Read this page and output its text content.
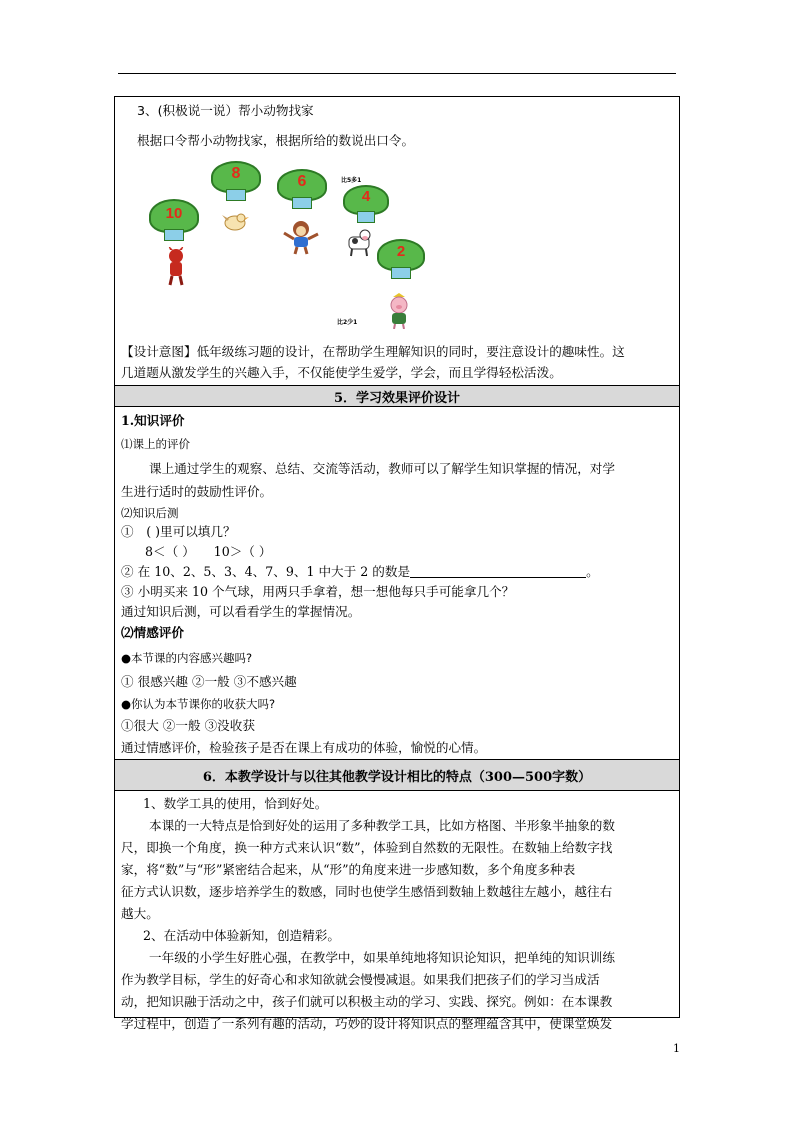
3、(积极说一说）帮小动物找家
根据口令帮小动物找家，根据所给的数说出口令。
8	6
4
10
2
比5多1
比2少1
【设计意图】低年级练习题的设计，在帮助学生理解知识的同时，要注意设计的趣味性。这
几道题从激发学生的兴趣入手，不仅能使学生爱学，学会，而且学得轻松活泼。
5．学习效果评价设计
1.知识评价
⑴课上的评价
课上通过学生的观察、总结、交流等活动，教师可以了解学生知识掌握的情况，对学
生进行适时的鼓励性评价。
⑵知识后测
①　( )里可以填几？
8＜（ ）　　10＞（ ）
② 在 10、2、5、3、4、7、9、1 中大于 2 的数是	。
③ 小明买来 10 个气球，用两只手拿着，想一想他每只手可能拿几个？
通过知识后测，可以看看学生的掌握情况。
⑵情感评价
●本节课的内容感兴趣吗?
① 很感兴趣 ②一般 ③不感兴趣
●你认为本节课你的收获大吗?
①很大 ②一般 ③没收获
通过情感评价，检验孩子是否在课上有成功的体验，愉悦的心情。
6．本教学设计与以往其他教学设计相比的特点（300—500字数）
1、数学工具的使用，恰到好处。
本课的一大特点是恰到好处的运用了多种教学工具，比如方格图、半形象半抽象的数
尺，即换一个角度，换一种方式来认识“数”，体验到自然数的无限性。在数轴上给数字找
家，将“数”与“形”紧密结合起来，从“形”的角度来进一步感知数，多个角度多种表
征方式认识数，逐步培养学生的数感，同时也使学生感悟到数轴上数越往左越小，越往右
越大。
2、在活动中体验新知，创造精彩。
一年级的小学生好胜心强，在教学中，如果单纯地将知识论知识，把单纯的知识训练
作为教学目标，学生的好奇心和求知欲就会慢慢减退。如果我们把孩子们的学习当成活
动，把知识融于活动之中，孩子们就可以积极主动的学习、实践、探究。例如：在本课教
学过程中，创造了一系列有趣的活动，巧妙的设计将知识点的整理蕴含其中，使课堂焕发
1
